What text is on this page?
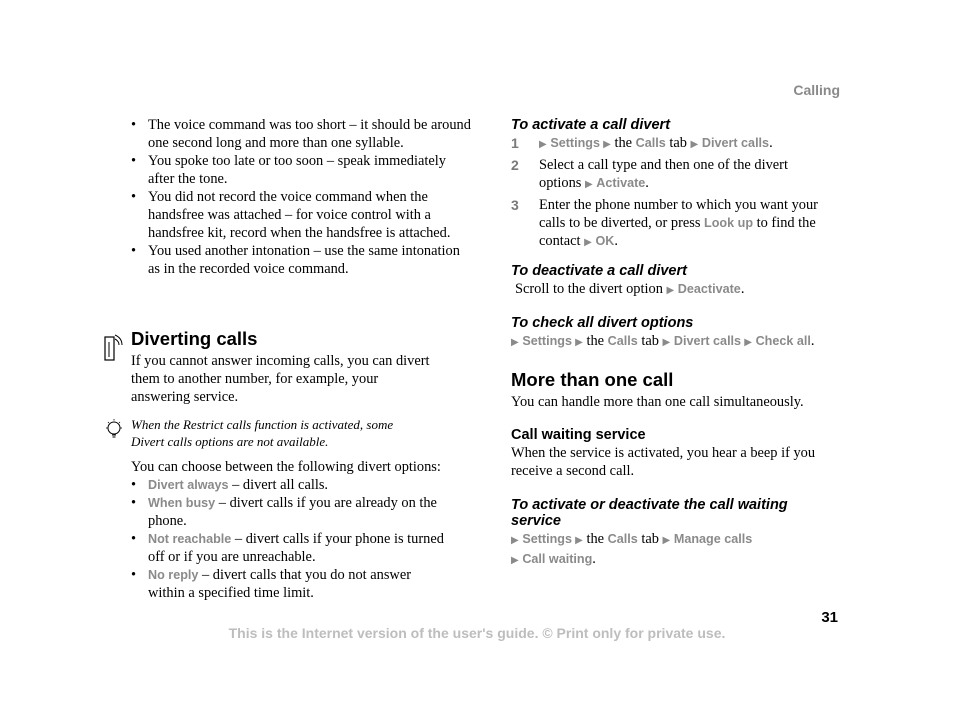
Calling
• The voice command was too short – it should be around one second long and more than one syllable.
• You spoke too late or too soon – speak immediately after the tone.
• You did not record the voice command when the handsfree was attached – for voice control with a handsfree kit, record when the handsfree is attached.
• You used another intonation – use the same intonation as in the recorded voice command.
Diverting calls
If you cannot answer incoming calls, you can divert them to another number, for example, your answering service.
When the Restrict calls function is activated, some Divert calls options are not available.
You can choose between the following divert options:
• Divert always – divert all calls.
• When busy – divert calls if you are already on the phone.
• Not reachable – divert calls if your phone is turned off or if you are unreachable.
• No reply – divert calls that you do not answer within a specified time limit.
To activate a call divert
1 ▶ Settings ▶ the Calls tab ▶ Divert calls.
2 Select a call type and then one of the divert options ▶ Activate.
3 Enter the phone number to which you want your calls to be diverted, or press Look up to find the contact ▶ OK.
To deactivate a call divert
Scroll to the divert option ▶ Deactivate.
To check all divert options
▶ Settings ▶ the Calls tab ▶ Divert calls ▶ Check all.
More than one call
You can handle more than one call simultaneously.
Call waiting service
When the service is activated, you hear a beep if you receive a second call.
To activate or deactivate the call waiting service
▶ Settings ▶ the Calls tab ▶ Manage calls
▶ Call waiting.
31
This is the Internet version of the user's guide. © Print only for private use.
